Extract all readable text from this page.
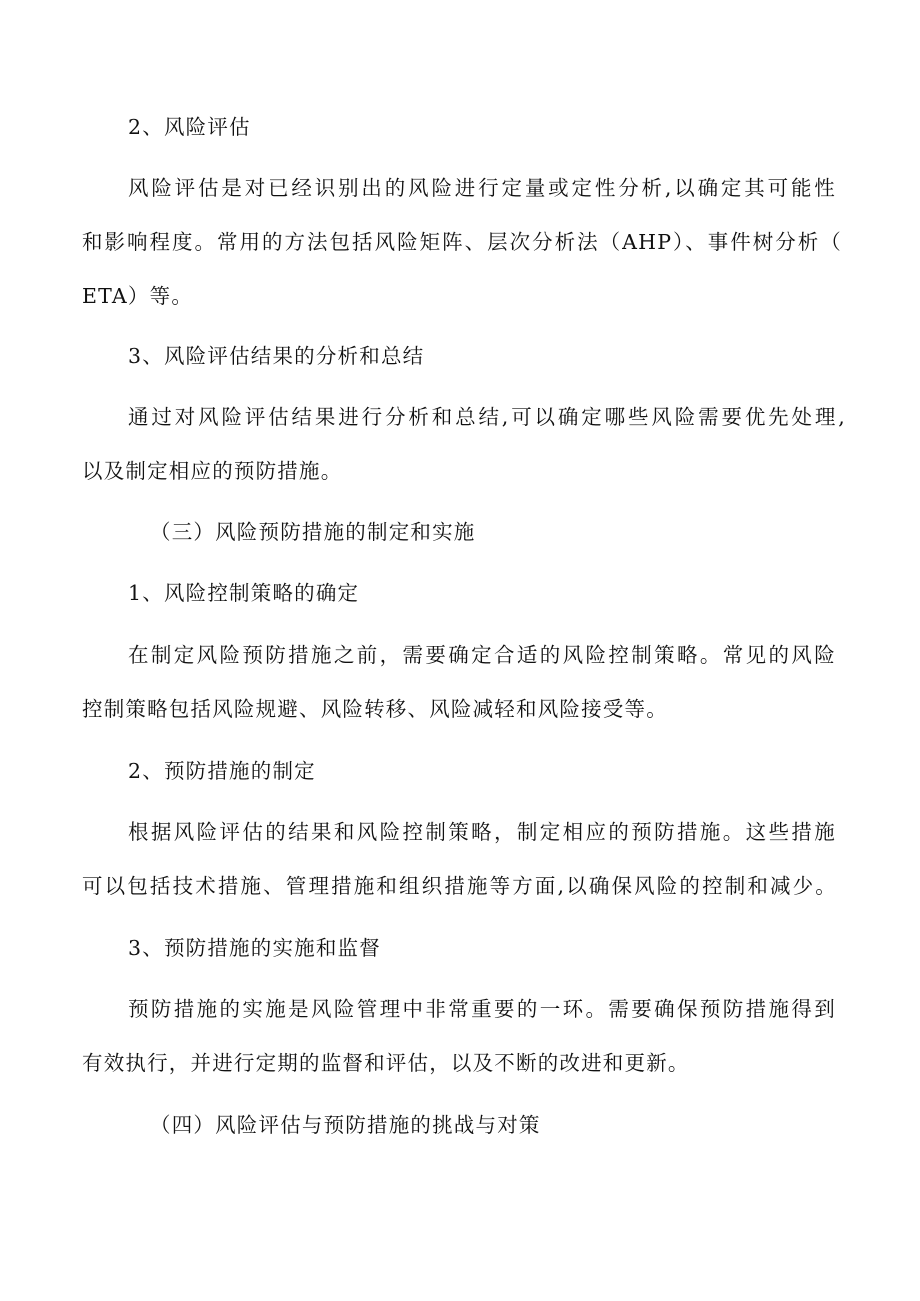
2、风险评估
风险评估是对已经识别出的风险进行定量或定性分析,以确定其可能性
和影响程度。常用的方法包括风险矩阵、层次分析法（AHP）、事件树分析（
ETA）等。
3、风险评估结果的分析和总结
通过对风险评估结果进行分析和总结,可以确定哪些风险需要优先处理,
以及制定相应的预防措施。
（三）风险预防措施的制定和实施
1、风险控制策略的确定
在制定风险预防措施之前，需要确定合适的风险控制策略。常见的风险
控制策略包括风险规避、风险转移、风险减轻和风险接受等。
2、预防措施的制定
根据风险评估的结果和风险控制策略，制定相应的预防措施。这些措施
可以包括技术措施、管理措施和组织措施等方面,以确保风险的控制和减少。
3、预防措施的实施和监督
预防措施的实施是风险管理中非常重要的一环。需要确保预防措施得到
有效执行，并进行定期的监督和评估，以及不断的改进和更新。
（四）风险评估与预防措施的挑战与对策
